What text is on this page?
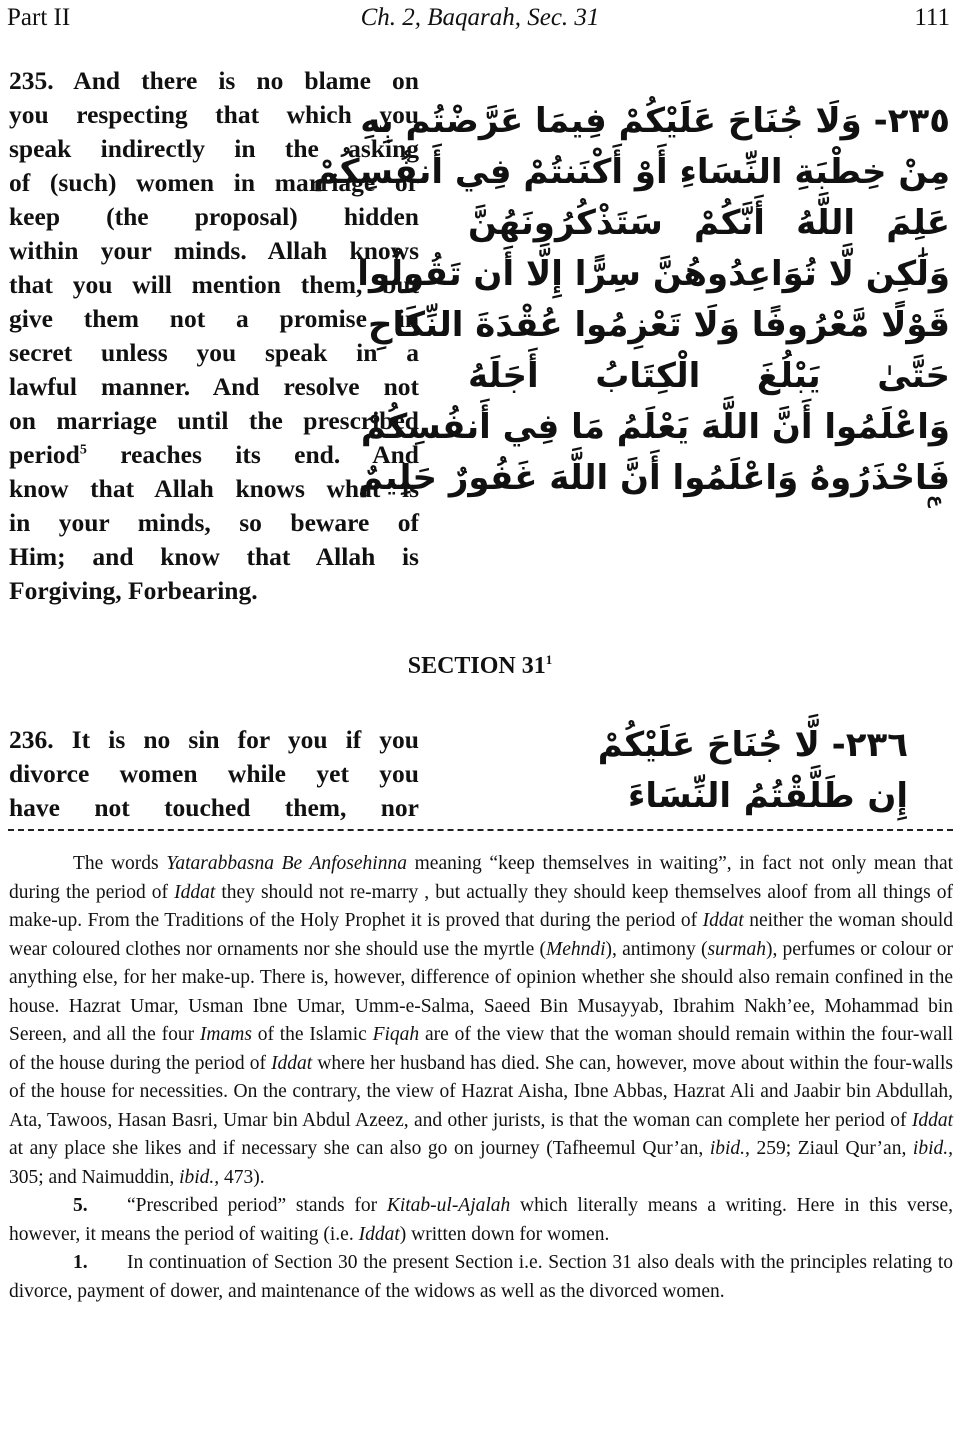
Part II	Ch. 2, Baqarah, Sec. 31	111
235. And there is no blame on
you respecting that which you
speak indirectly in the asking
of (such) women in marriage or
keep (the proposal) hidden
within your minds. Allah knows
that you will mention them, but
give them not a promise in
secret unless you speak in a
lawful manner. And resolve not
on marriage until the prescribed
period$^5$ reaches its end. And
know that Allah knows what is
in your minds, so beware of
Him; and know that Allah is
Forgiving, Forbearing.
٢٣٥- وَلَا جُنَاحَ عَلَيْكُمْ فِيمَا عَرَّضْتُم بِهِ
مِنْ خِطْبَةِ النِّسَاءِ أَوْ أَكْنَنتُمْ فِي أَنفُسِكُمْ
عَلِمَ اللَّهُ أَنَّكُمْ سَتَذْكُرُونَهُنَّ
وَلَٰكِن لَّا تُوَاعِدُوهُنَّ سِرًّا إِلَّا أَن تَقُولُوا
قَوْلًا مَّعْرُوفًا وَلَا تَعْزِمُوا عُقْدَةَ النِّكَاحِ
حَتَّىٰ يَبْلُغَ الْكِتَابُ أَجَلَهُ
وَاعْلَمُوا أَنَّ اللَّهَ يَعْلَمُ مَا فِي أَنفُسِكُمْ
فَاحْذَرُوهُ وَاعْلَمُوا أَنَّ اللَّهَ غَفُورٌ حَلِيمٌ
ع
SECTION $31^1$
236. It is no sin for you if you
divorce women while yet you
have not touched them, nor
٢٣٦- لَّا جُنَاحَ عَلَيْكُمْ
إِن طَلَّقْتُمُ النِّسَاءَ

The words Yatarabbasna Be Anfosehinna meaning “keep themselves in waiting”, in fact not only mean that during the period of Iddat they should not re-marry , but actually they should keep themselves aloof from all things of make-up. From the Traditions of the Holy Prophet it is proved that during the period of Iddat neither the woman should wear coloured clothes nor ornaments nor she should use the myrtle (Mehndi), antimony (surmah), perfumes or colour or anything else, for her make-up. There is, however, difference of opinion whether she should also remain confined in the house. Hazrat Umar, Usman Ibne Umar, Umm-e-Salma, Saeed Bin Musayyab, Ibrahim Nakh’ee, Mohammad bin Sereen, and all the four Imams of the Islamic Fiqah are of the view that the woman should remain within the four-wall of the house during the period of Iddat where her husband has died. She can, however, move about within the four-walls of the house for necessities. On the contrary, the view of Hazrat Aisha, Ibne Abbas, Hazrat Ali and Jaabir bin Abdullah, Ata, Tawoos, Hasan Basri, Umar bin Abdul Azeez, and other jurists, is that the woman can complete her period of Iddat at any place she likes and if necessary she can also go on journey (Tafheemul Qur’an, ibid., 259; Ziaul Qur’an, ibid., 305; and Naimuddin, ibid., 473).

5. “Prescribed period” stands for Kitab-ul-Ajalah which literally means a writing. Here in this verse, however, it means the period of waiting (i.e. Iddat) written down for women.

1. In continuation of Section 30 the present Section i.e. Section 31 also deals with the principles relating to divorce, payment of dower, and maintenance of the widows as well as the divorced women.
